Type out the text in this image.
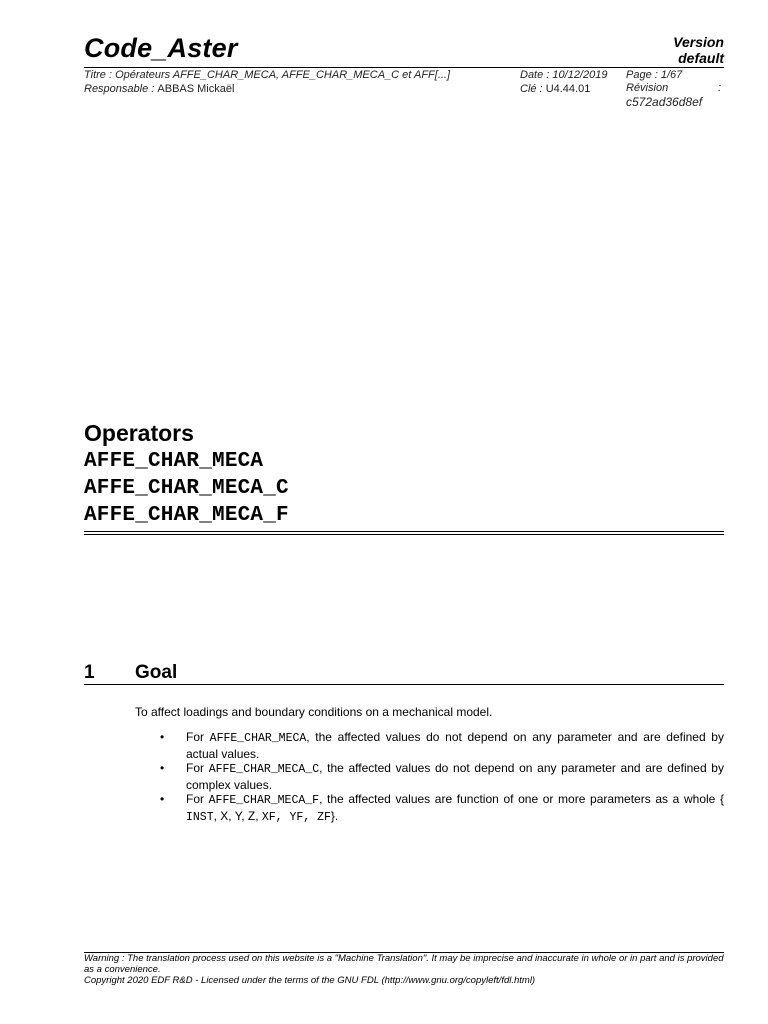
Code_Aster	Version
default
Titre : Opérateurs AFFE_CHAR_MECA, AFFE_CHAR_MECA_C et AFF[...]	Date : 10/12/2019 Page : 1/67
Responsable : ABBAS Mickaël	Clé : U4.44.01	Révision	:
c572ad36d8ef
Operators
AFFE_CHAR_MECA
AFFE_CHAR_MECA_C
AFFE_CHAR_MECA_F
1 Goal
To affect loadings and boundary conditions on a mechanical model.
• For AFFE_CHAR_MECA, the affected values do not depend on any parameter and are defined by actual values.
• For AFFE_CHAR_MECA_C, the affected values do not depend on any parameter and are defined by complex values.
• For AFFE_CHAR_MECA_F, the affected values are function of one or more parameters as a whole { INST, X, Y, Z, XF, YF, ZF}.
Warning : The translation process used on this website is a "Machine Translation". It may be imprecise and inaccurate in whole or in part and is provided as a convenience.
Copyright 2020 EDF R&D - Licensed under the terms of the GNU FDL (http://www.gnu.org/copyleft/fdl.html)
